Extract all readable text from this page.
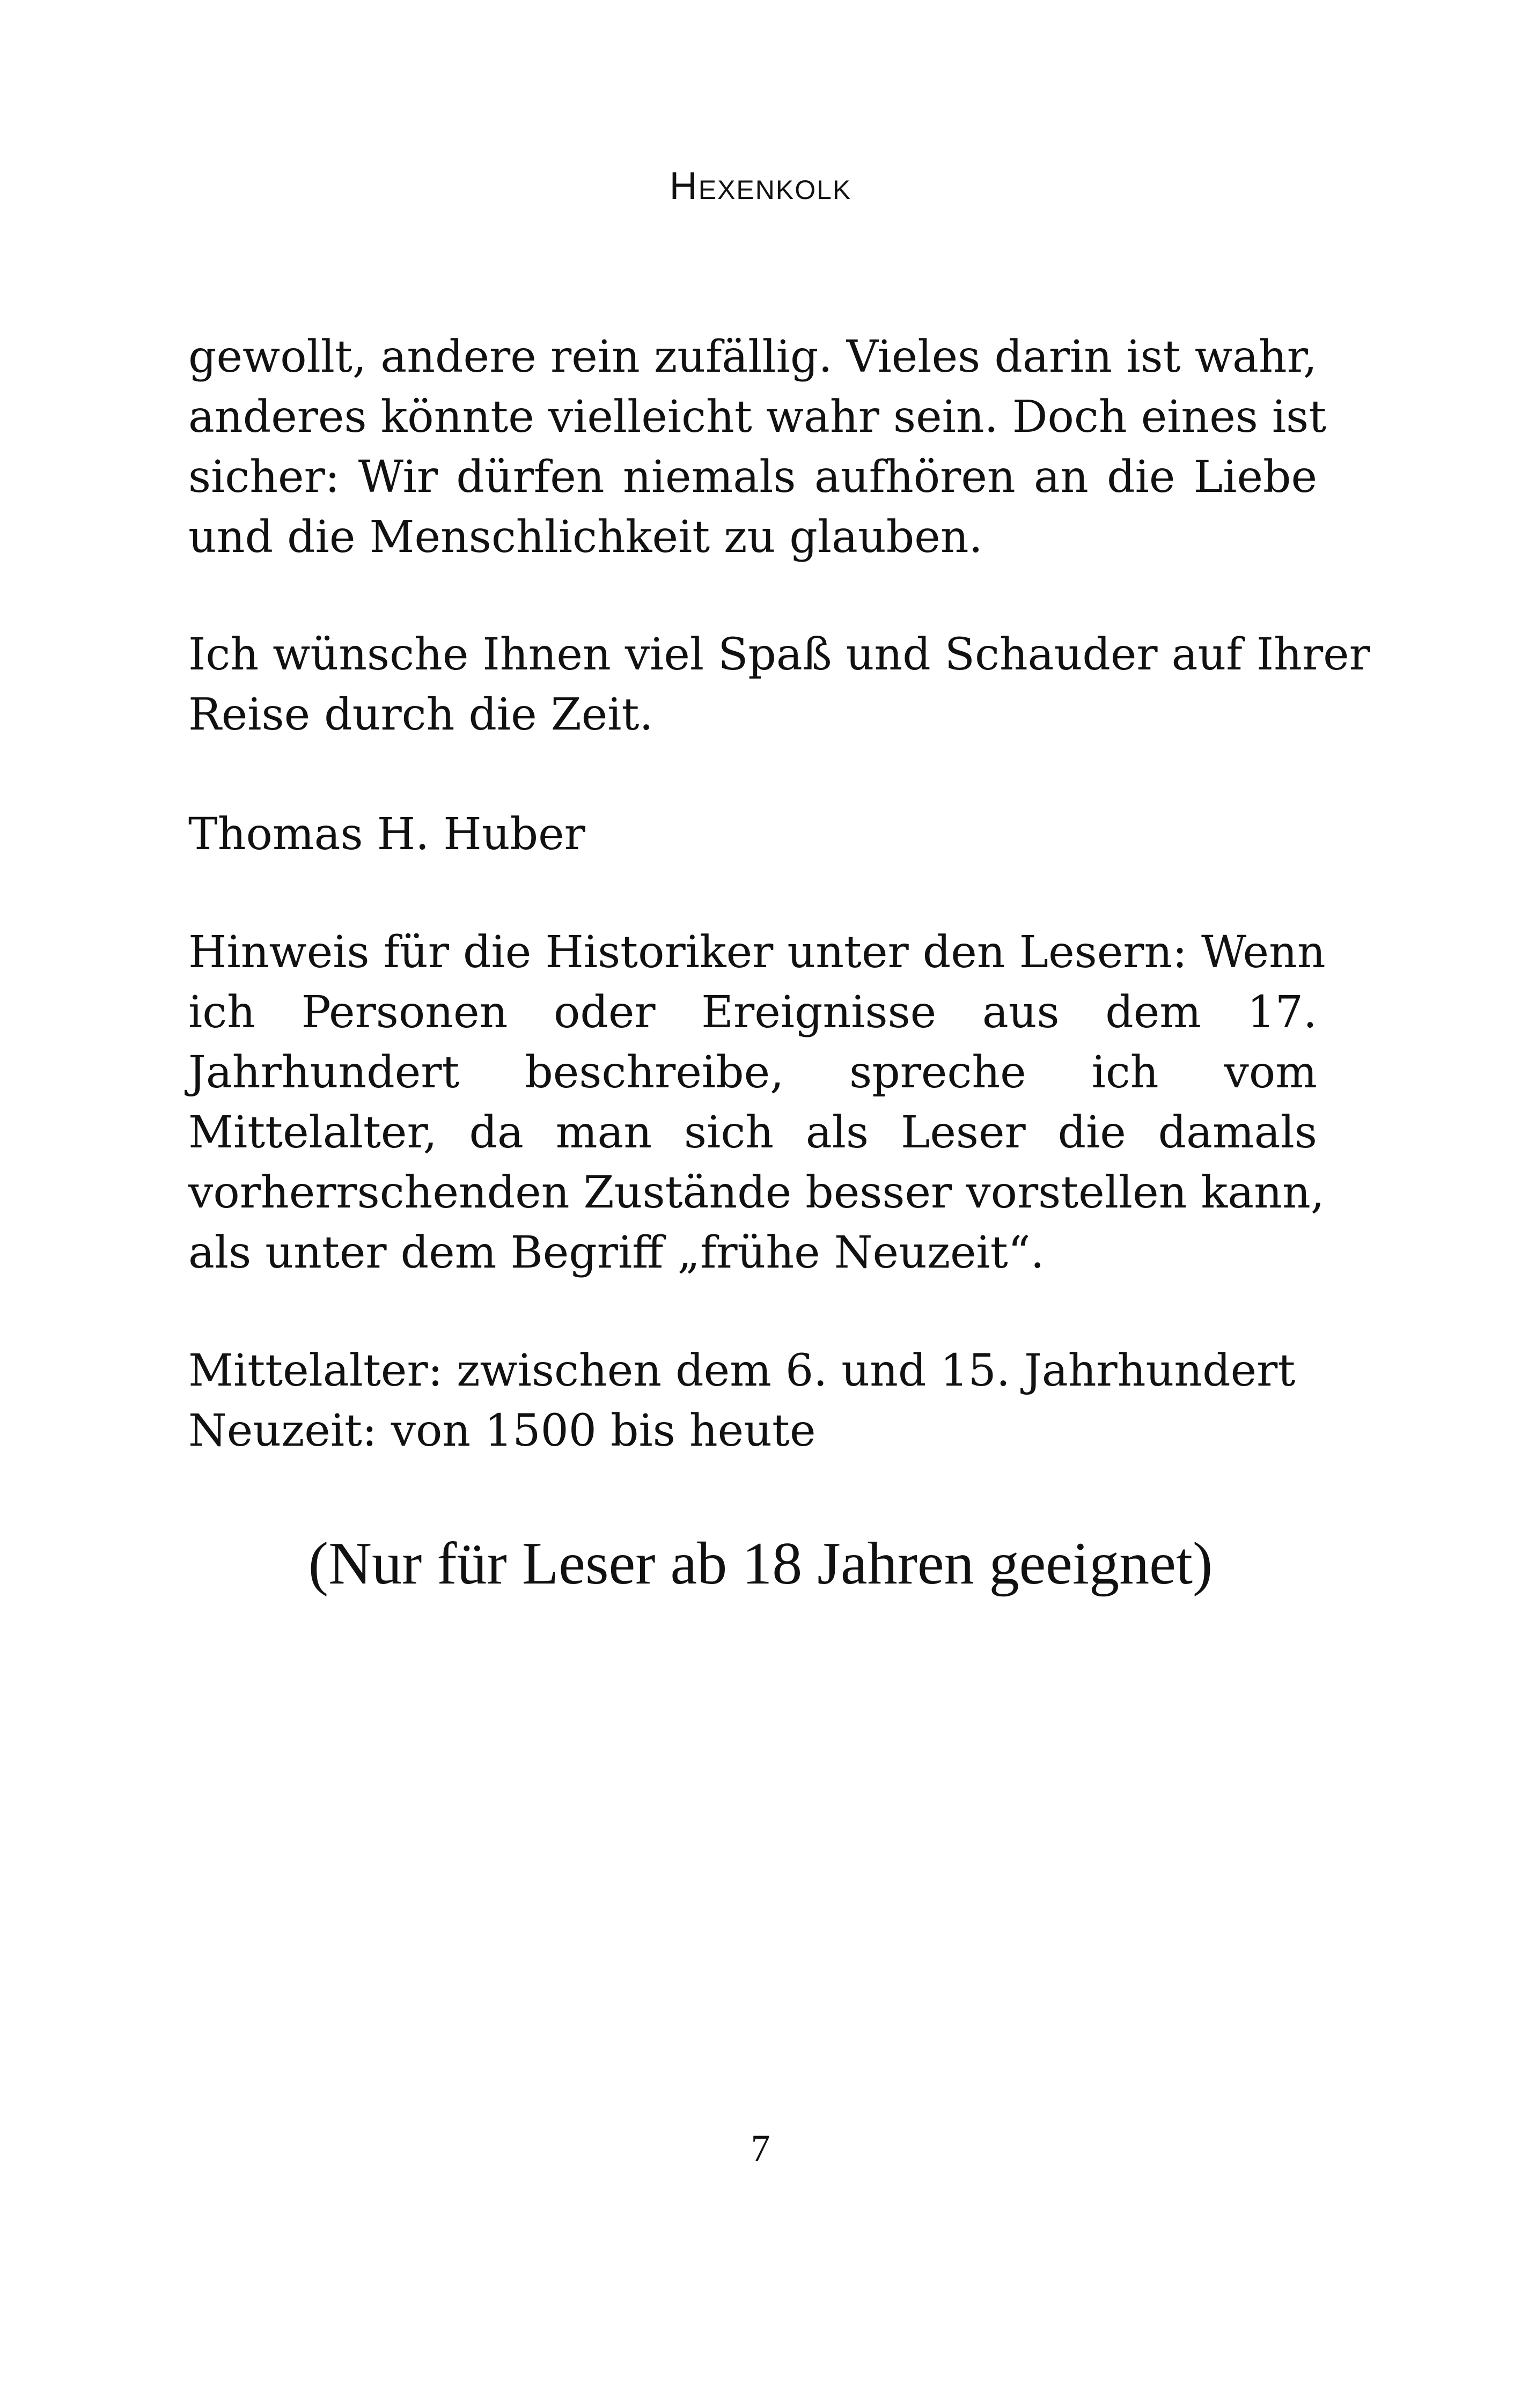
Hexenkolk
gewollt, andere rein zufällig. Vieles darin ist wahr,
anderes könnte vielleicht wahr sein. Doch eines ist
sicher: Wir dürfen niemals aufhören an die Liebe
und die Menschlichkeit zu glauben.
Ich wünsche Ihnen viel Spaß und Schauder auf Ihrer
Reise durch die Zeit.
Thomas H. Huber
Hinweis für die Historiker unter den Lesern: Wenn
ich Personen oder Ereignisse aus dem 17.
Jahrhundert beschreibe, spreche ich vom
Mittelalter, da man sich als Leser die damals
vorherrschenden Zustände besser vorstellen kann,
als unter dem Begriff „frühe Neuzeit“.
Mittelalter: zwischen dem 6. und 15. Jahrhundert
Neuzeit: von 1500 bis heute
(Nur für Leser ab 18 Jahren geeignet)
7
